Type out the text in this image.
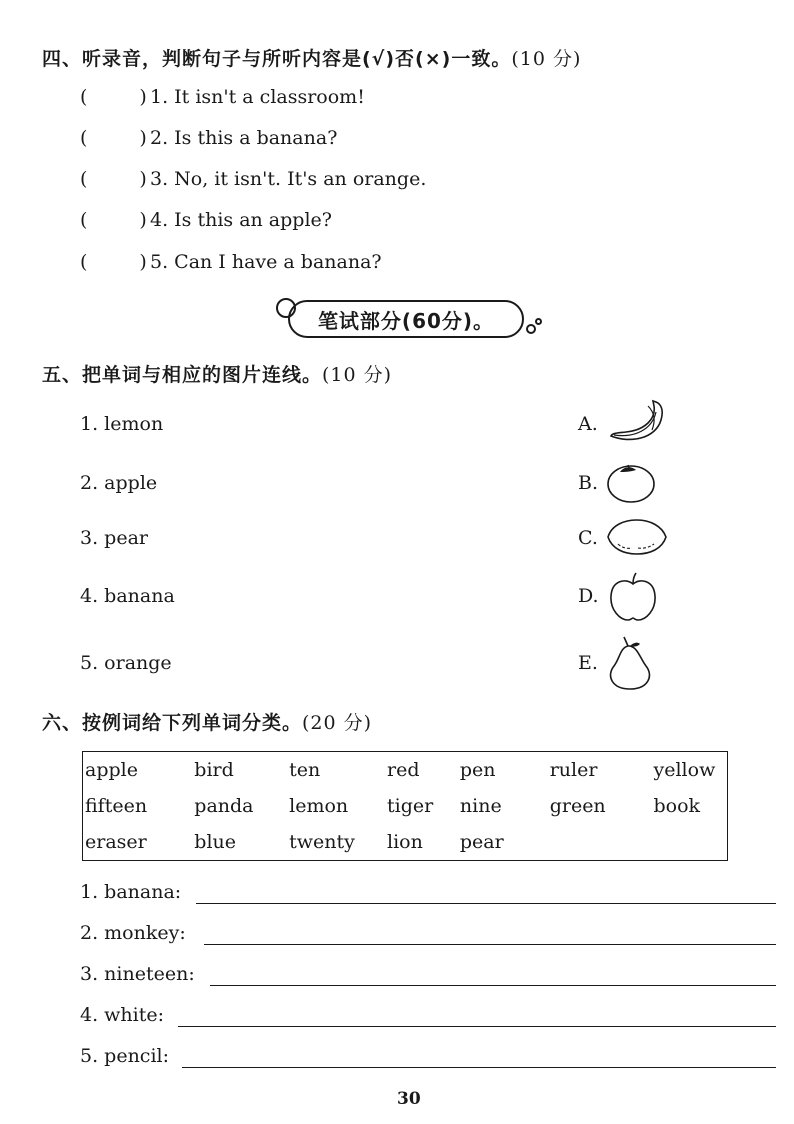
四、听录音，判断句子与所听内容是(√)否(×)一致。(10 分)
(	) 1. It isn't a classroom!
(	) 2. Is this a banana?
(	) 3. No, it isn't. It's an orange.
(	) 4. Is this an apple?
(	) 5. Can I have a banana?
笔试部分(60分)。
五、把单词与相应的图片连线。(10 分)
1. lemon
2. apple
3. pear
4. banana
5. orange
A.
B.
C.
D.
E.
六、按例词给下列单词分类。(20 分)
apple	bird	ten	red	pen	ruler	yellow
fifteen	panda	lemon	tiger	nine	green	book
eraser	blue	twenty	lion	pear		
1. banana:
2. monkey:
3. nineteen:
4. white:
5. pencil:
30
